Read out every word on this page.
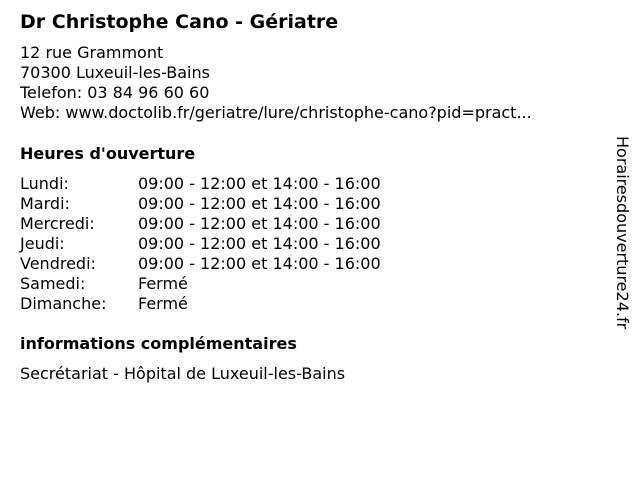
Dr Christophe Cano - Gériatre
12 rue Grammont
70300 Luxeuil-les-Bains
Telefon: 03 84 96 60 60
Web: www.doctolib.fr/geriatre/lure/christophe-cano?pid=pract...
Heures d'ouverture
Lundi:	09:00 - 12:00 et 14:00 - 16:00
Mardi:	09:00 - 12:00 et 14:00 - 16:00
Mercredi:	09:00 - 12:00 et 14:00 - 16:00
Jeudi:	09:00 - 12:00 et 14:00 - 16:00
Vendredi:	09:00 - 12:00 et 14:00 - 16:00
Samedi:	Fermé
Dimanche:	Fermé
informations complémentaires
Secrétariat - Hôpital de Luxeuil-les-Bains
Horairesdouverture24.fr
